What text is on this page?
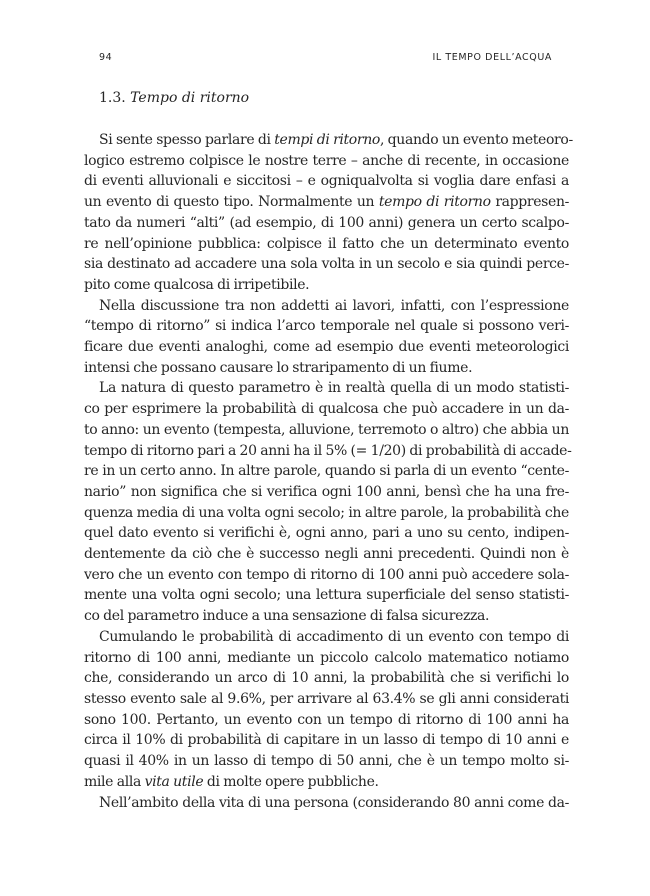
94	IL TEMPO DELL’ACQUA
1.3. Tempo di ritorno
Si sente spesso parlare di tempi di ritorno, quando un evento meteoro-
logico estremo colpisce le nostre terre – anche di recente, in occasione
di eventi alluvionali e siccitosi – e ogniqualvolta si voglia dare enfasi a
un evento di questo tipo. Normalmente un tempo di ritorno rappresen-
tato da numeri “alti” (ad esempio, di 100 anni) genera un certo scalpo-
re nell’opinione pubblica: colpisce il fatto che un determinato evento
sia destinato ad accadere una sola volta in un secolo e sia quindi perce-
pito come qualcosa di irripetibile.
Nella discussione tra non addetti ai lavori, infatti, con l’espressione
“tempo di ritorno” si indica l’arco temporale nel quale si possono veri-
ficare due eventi analoghi, come ad esempio due eventi meteorologici
intensi che possano causare lo straripamento di un fiume.
La natura di questo parametro è in realtà quella di un modo statisti-
co per esprimere la probabilità di qualcosa che può accadere in un da-
to anno: un evento (tempesta, alluvione, terremoto o altro) che abbia un
tempo di ritorno pari a 20 anni ha il 5% (= 1/20) di probabilità di accade-
re in un certo anno. In altre parole, quando si parla di un evento “cente-
nario” non significa che si verifica ogni 100 anni, bensì che ha una fre-
quenza media di una volta ogni secolo; in altre parole, la probabilità che
quel dato evento si verifichi è, ogni anno, pari a uno su cento, indipen-
dentemente da ciò che è successo negli anni precedenti. Quindi non è
vero che un evento con tempo di ritorno di 100 anni può accedere sola-
mente una volta ogni secolo; una lettura superficiale del senso statisti-
co del parametro induce a una sensazione di falsa sicurezza.
Cumulando le probabilità di accadimento di un evento con tempo di
ritorno di 100 anni, mediante un piccolo calcolo matematico notiamo
che, considerando un arco di 10 anni, la probabilità che si verifichi lo
stesso evento sale al 9.6%, per arrivare al 63.4% se gli anni considerati
sono 100. Pertanto, un evento con un tempo di ritorno di 100 anni ha
circa il 10% di probabilità di capitare in un lasso di tempo di 10 anni e
quasi il 40% in un lasso di tempo di 50 anni, che è un tempo molto si-
mile alla vita utile di molte opere pubbliche.
Nell’ambito della vita di una persona (considerando 80 anni come da-
